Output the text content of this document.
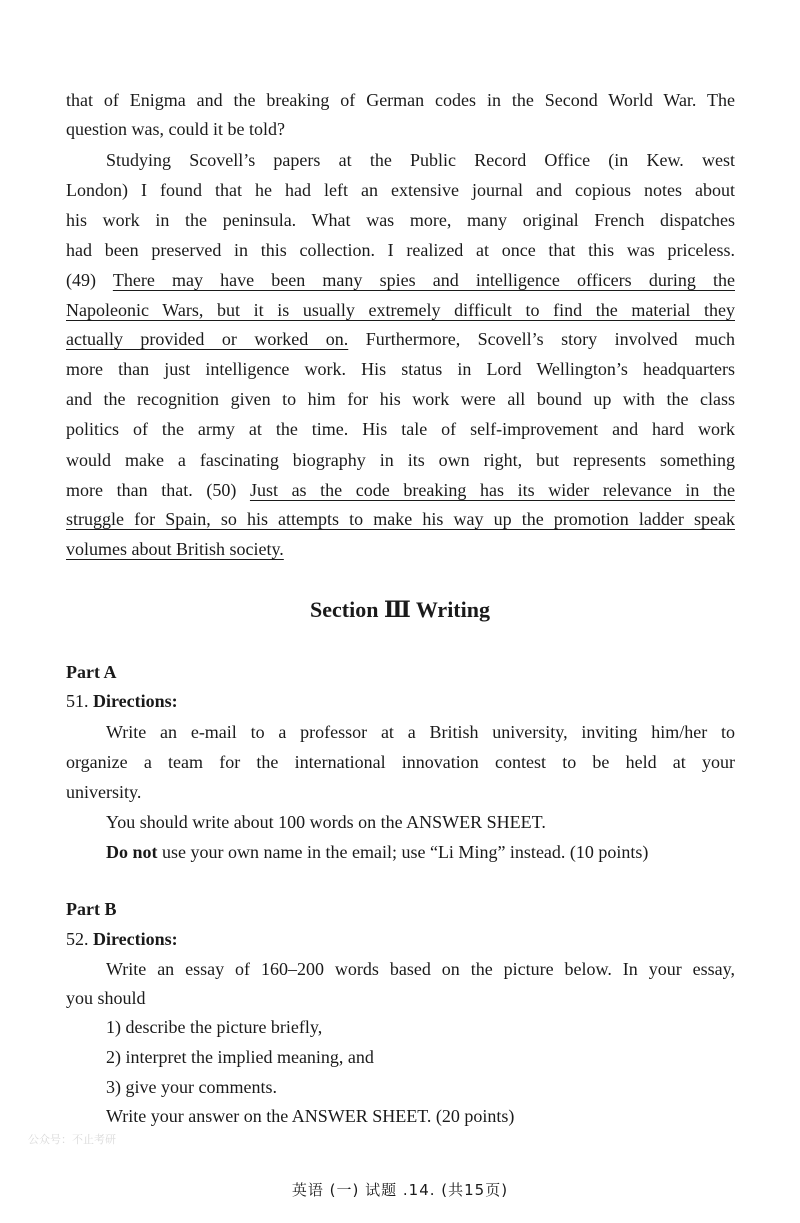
that of Enigma and the breaking of German codes in the Second World War. The
question was, could it be told?
Studying Scovell’s papers at the Public Record Office (in Kew. west
London) I found that he had left an extensive journal and copious notes about
his work in the peninsula. What was more, many original French dispatches
had been preserved in this collection. I realized at once that this was priceless.
(49) There may have been many spies and intelligence officers during the
Napoleonic Wars, but it is usually extremely difficult to find the material they
actually provided or worked on. Furthermore, Scovell’s story involved much
more than just intelligence work. His status in Lord Wellington’s headquarters
and the recognition given to him for his work were all bound up with the class
politics of the army at the time. His tale of self-improvement and hard work
would make a fascinating biography in its own right, but represents something
more than that. (50) Just as the code breaking has its wider relevance in the
struggle for Spain, so his attempts to make his way up the promotion ladder speak
volumes about British society.
Section Ⅲ Writing
Part A
51. Directions:
Write an e-mail to a professor at a British university, inviting him/her to
organize a team for the international innovation contest to be held at your
university.
You should write about 100 words on the ANSWER SHEET.
Do not use your own name in the email; use “Li Ming” instead. (10 points)
Part B
52. Directions:
Write an essay of 160–200 words based on the picture below. In your essay,
you should
1) describe the picture briefly,
2) interpret the implied meaning, and
3) give your comments.
Write your answer on the ANSWER SHEET. (20 points)
公众号：不止考研
英语 (一) 试题 .14. (共15页)
